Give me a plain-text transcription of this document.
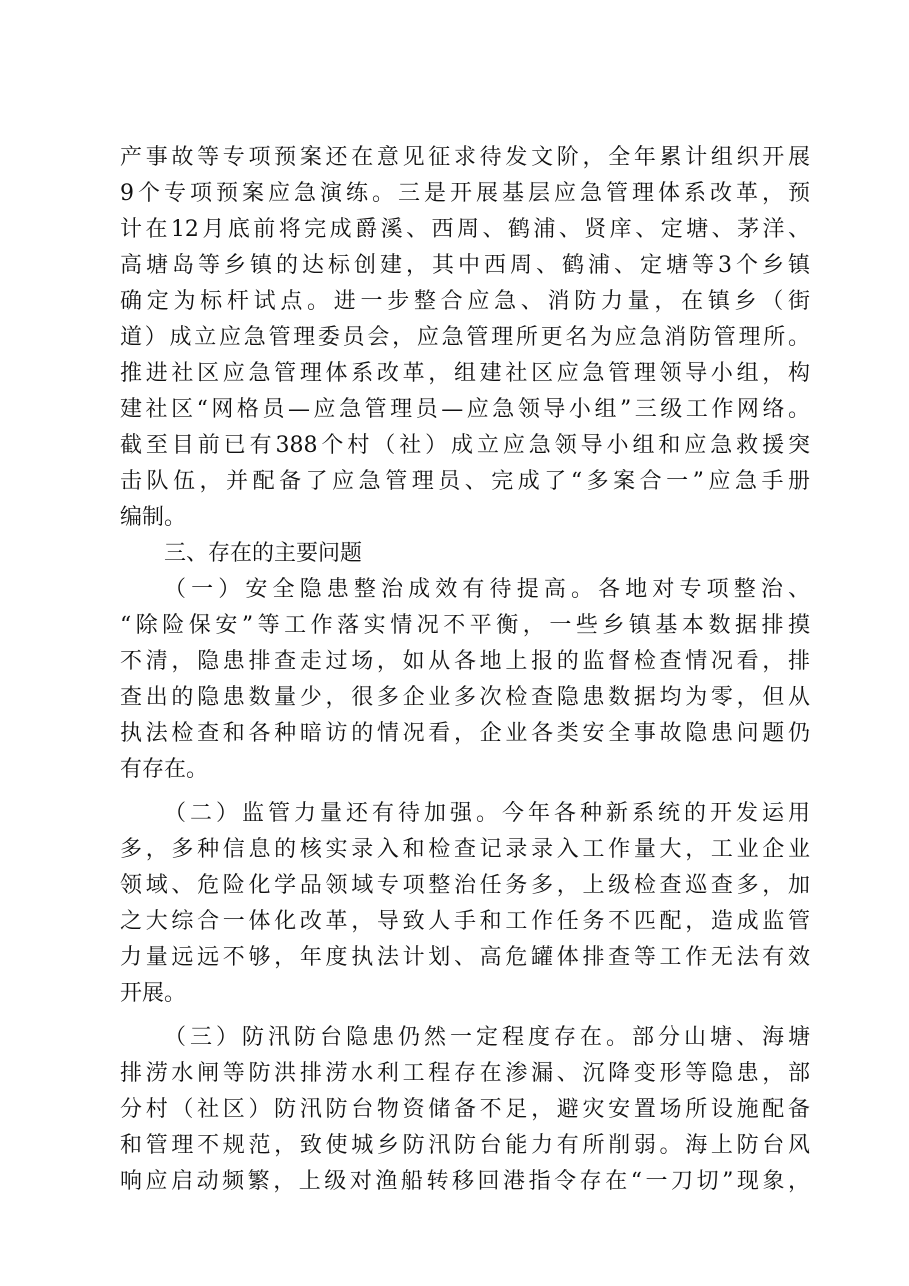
产事故等专项预案还在意见征求待发文阶，全年累计组织开展
9个专项预案应急演练。三是开展基层应急管理体系改革，预
计在12月底前将完成爵溪、西周、鹤浦、贤庠、定塘、茅洋、
高塘岛等乡镇的达标创建，其中西周、鹤浦、定塘等3个乡镇
确定为标杆试点。进一步整合应急、消防力量，在镇乡（街
道）成立应急管理委员会，应急管理所更名为应急消防管理所。
推进社区应急管理体系改革，组建社区应急管理领导小组，构
建社区“网格员—应急管理员—应急领导小组”三级工作网络。
截至目前已有388个村（社）成立应急领导小组和应急救援突
击队伍，并配备了应急管理员、完成了“多案合一”应急手册
编制。
三、存在的主要问题
（一）安全隐患整治成效有待提高。各地对专项整治、
“除险保安”等工作落实情况不平衡，一些乡镇基本数据排摸
不清，隐患排查走过场，如从各地上报的监督检查情况看，排
查出的隐患数量少，很多企业多次检查隐患数据均为零，但从
执法检查和各种暗访的情况看，企业各类安全事故隐患问题仍
有存在。
（二）监管力量还有待加强。今年各种新系统的开发运用
多，多种信息的核实录入和检查记录录入工作量大，工业企业
领域、危险化学品领域专项整治任务多，上级检查巡查多，加
之大综合一体化改革，导致人手和工作任务不匹配，造成监管
力量远远不够，年度执法计划、高危罐体排查等工作无法有效
开展。
（三）防汛防台隐患仍然一定程度存在。部分山塘、海塘
排涝水闸等防洪排涝水利工程存在渗漏、沉降变形等隐患，部
分村（社区）防汛防台物资储备不足，避灾安置场所设施配备
和管理不规范，致使城乡防汛防台能力有所削弱。海上防台风
响应启动频繁，上级对渔船转移回港指令存在“一刀切”现象，
